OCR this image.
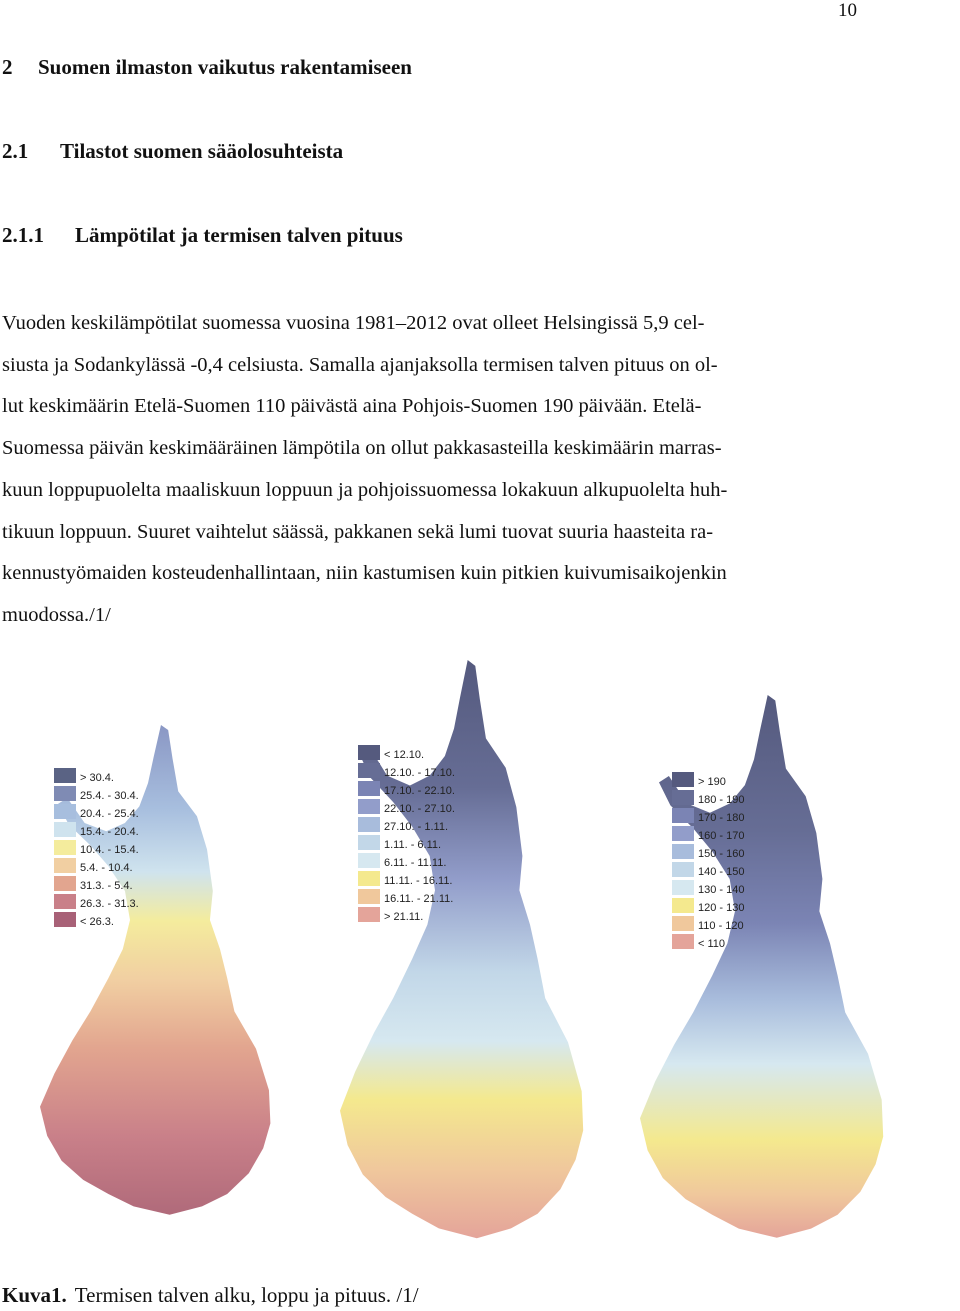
10
2 Suomen ilmaston vaikutus rakentamiseen
2.1 Tilastot suomen sääolosuhteista
2.1.1 Lämpötilat ja termisen talven pituus

Vuoden keskilämpötilat suomessa vuosina 1981–2012 ovat olleet Helsingissä 5,9 cel-
siusta ja Sodankylässä -0,4 celsiusta. Samalla ajanjaksolla termisen talven pituus on ol-
lut keskimäärin Etelä-Suomen 110 päivästä aina Pohjois-Suomen 190 päivään. Etelä-
Suomessa päivän keskimääräinen lämpötila on ollut pakkasasteilla keskimäärin marras-
kuun loppupuolelta maaliskuun loppuun ja pohjoissuomessa lokakuun alkupuolelta huh-
tikuun loppuun. Suuret vaihtelut säässä, pakkanen sekä lumi tuovat suuria haasteita ra-
kennustyömaiden kosteudenhallintaan, niin kastumisen kuin pitkien kuivumisaikojenkin
muodossa./1/

> 30.4.
25.4. - 30.4.
20.4. - 25.4.
15.4. - 20.4.
10.4. - 15.4.
5.4. - 10.4.
31.3. - 5.4.
26.3. - 31.3.
< 26.3.
< 12.10.
12.10. - 17.10.
17.10. - 22.10.
22.10. - 27.10.
27.10. - 1.11.
1.11. - 6.11.
6.11. - 11.11.
11.11. - 16.11.
16.11. - 21.11.
> 21.11.
> 190
180 - 190
170 - 180
160 - 170
150 - 160
140 - 150
130 - 140
120 - 130
110 - 120
< 110
Kuva1. Termisen talven alku, loppu ja pituus. /1/
